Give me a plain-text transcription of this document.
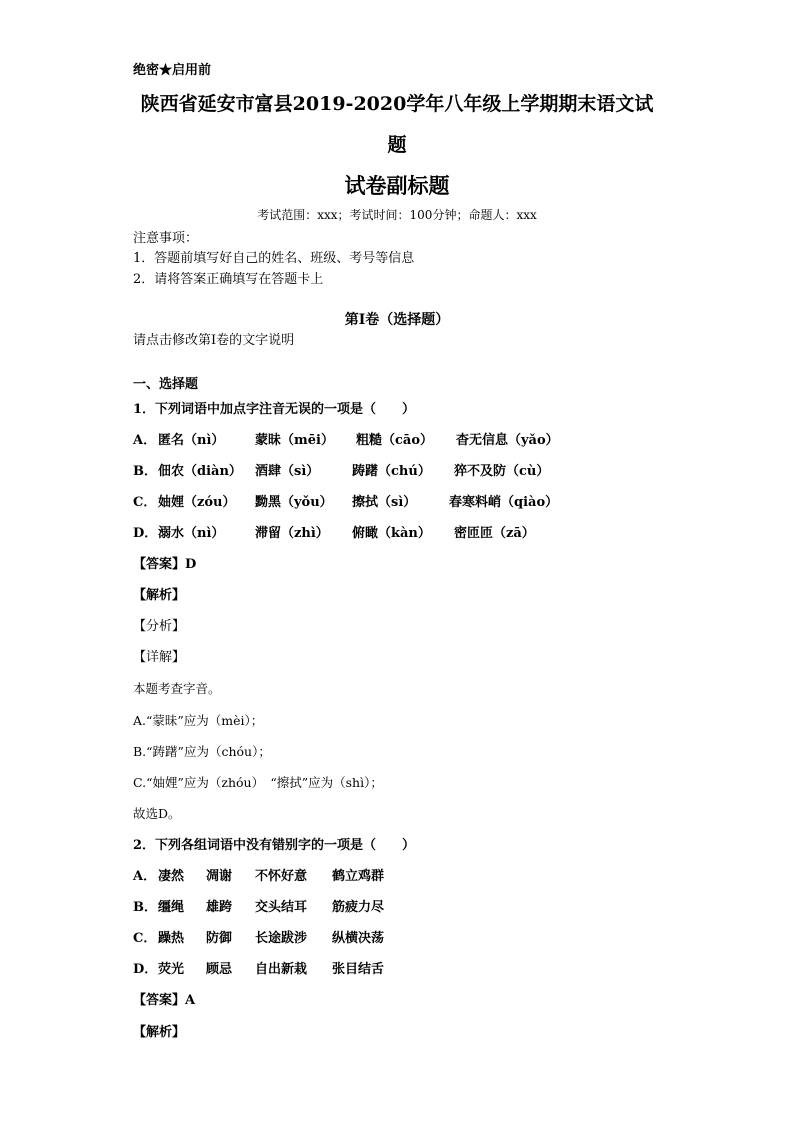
绝密★启用前
陕西省延安市富县2019-2020学年八年级上学期期末语文试
题
试卷副标题
考试范围：xxx；考试时间：100分钟；命题人：xxx
注意事项：
1．答题前填写好自己的姓名、班级、考号等信息
2．请将答案正确填写在答题卡上
第I卷（选择题）
请点击修改第I卷的文字说明
一、选择题
1．下列词语中加点字注音无误的一项是（　　）
A． 匿名（nì） 蒙昧（mēi） 粗糙（cāo） 杳无信息（yǎo）
B． 佃农（diàn） 酒肆（sì）	踌躇（chú） 猝不及防（cù）
C． 妯娌（zóu） 黝黑（yǒu） 擦拭（sì）	春寒料峭（qiào）
D． 溺水（nì） 滞留（zhì） 俯瞰（kàn） 密匝匝（zā）
【答案】D
【解析】
【分析】
【详解】
本题考查字音。
A.“蒙昧”应为（mèi）；
B.“踌躇”应为（chóu）；
C.“妯娌”应为（zhóu）　“擦拭”应为（shì）；
故选D。
2．下列各组词语中没有错别字的一项是（　　）
A． 凄然 凋谢 不怀好意 鹤立鸡群
B． 缰绳 雄跨 交头结耳 筋疲力尽
C． 躁热 防御 长途跋涉 纵横决荡
D． 荧光 顾忌 自出新栽 张目结舌
【答案】A
【解析】
